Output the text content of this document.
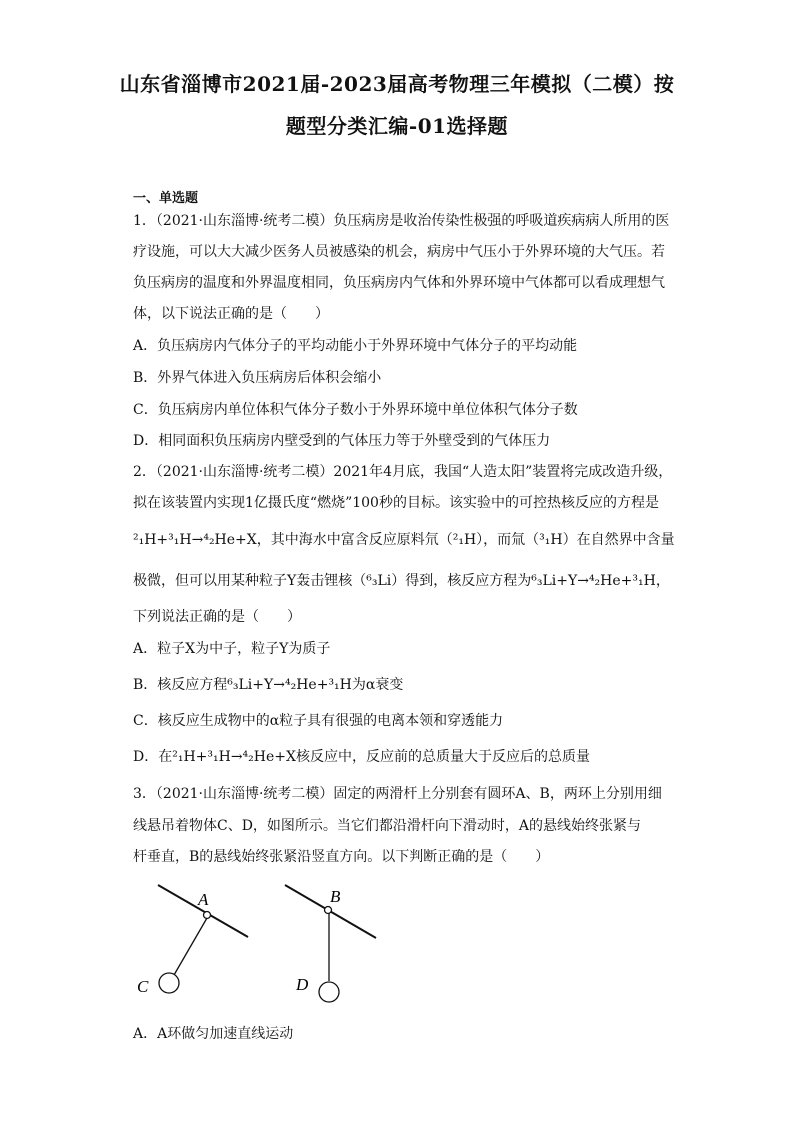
山东省淄博市2021届-2023届高考物理三年模拟（二模）按
题型分类汇编-01选择题
一、单选题
1．（2021·山东淄博·统考二模）负压病房是收治传染性极强的呼吸道疾病病人所用的医
疗设施，可以大大减少医务人员被感染的机会，病房中气压小于外界环境的大气压。若
负压病房的温度和外界温度相同，负压病房内气体和外界环境中气体都可以看成理想气
体，以下说法正确的是（　　）
A．负压病房内气体分子的平均动能小于外界环境中气体分子的平均动能
B．外界气体进入负压病房后体积会缩小
C．负压病房内单位体积气体分子数小于外界环境中单位体积气体分子数
D．相同面积负压病房内壁受到的气体压力等于外壁受到的气体压力
2．（2021·山东淄博·统考二模）2021年4月底，我国“人造太阳”装置将完成改造升级，
拟在该装置内实现1亿摄氏度“燃烧”100秒的目标。该实验中的可控热核反应的方程是
²₁H+³₁H→⁴₂He+X，其中海水中富含反应原料氘（²₁H），而氚（³₁H）在自然界中含量
极微，但可以用某种粒子Y轰击锂核（⁶₃Li）得到，核反应方程为⁶₃Li+Y→⁴₂He+³₁H，
下列说法正确的是（　　）
A．粒子X为中子，粒子Y为质子
B．核反应方程⁶₃Li+Y→⁴₂He+³₁H为α衰变
C．核反应生成物中的α粒子具有很强的电离本领和穿透能力
D．在²₁H+³₁H→⁴₂He+X核反应中，反应前的总质量大于反应后的总质量
3．（2021·山东淄博·统考二模）固定的两滑杆上分别套有圆环A、B，两环上分别用细
线悬吊着物体C、D，如图所示。当它们都沿滑杆向下滑动时，A的悬线始终张紧与
杆垂直，B的悬线始终张紧沿竖直方向。以下判断正确的是（　　）
A
C
B
D
A．A环做匀加速直线运动
